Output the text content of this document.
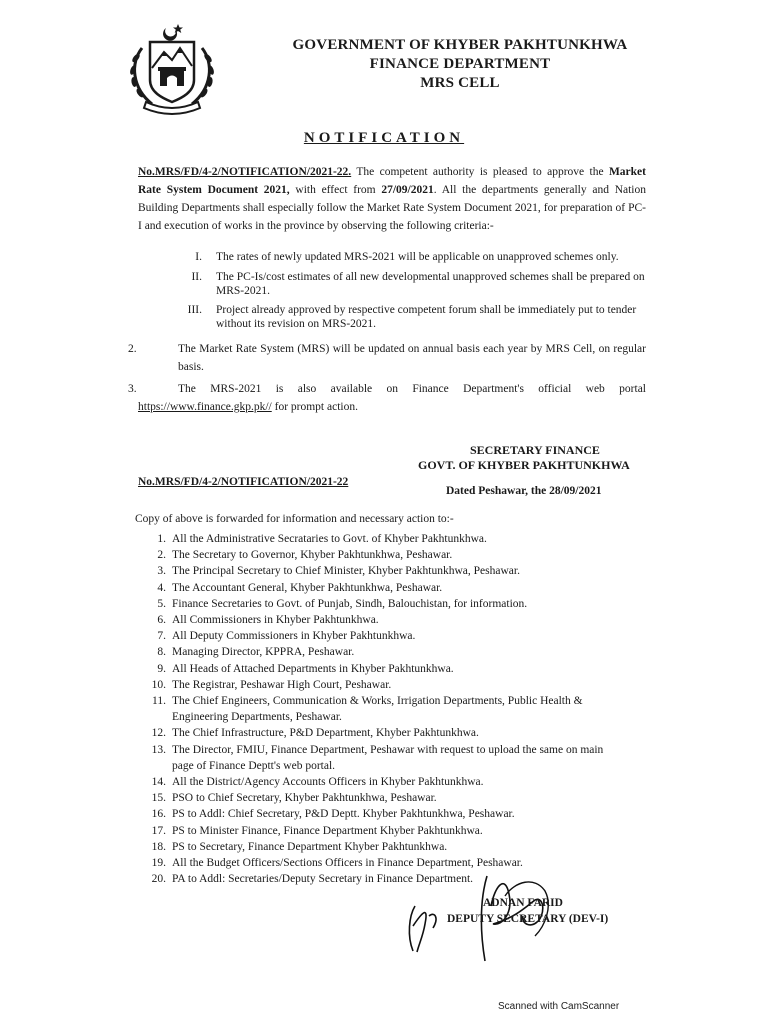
GOVERNMENT OF KHYBER PAKHTUNKHWA
FINANCE DEPARTMENT
MRS CELL
NOTIFICATION
No.MRS/FD/4-2/NOTIFICATION/2021-22. The competent authority is pleased to approve the Market Rate System Document 2021, with effect from 27/09/2021. All the departments generally and Nation Building Departments shall especially follow the Market Rate System Document 2021, for preparation of PC-I and execution of works in the province by observing the following criteria:-
I. The rates of newly updated MRS-2021 will be applicable on unapproved schemes only.
II. The PC-Is/cost estimates of all new developmental unapproved schemes shall be prepared on MRS-2021.
III. Project already approved by respective competent forum shall be immediately put to tender without its revision on MRS-2021.
2.	The Market Rate System (MRS) will be updated on annual basis each year by MRS Cell, on regular basis.
3.	The MRS-2021 is also available on Finance Department's official web portal
https://www.finance.gkp.pk// for prompt action.
SECRETARY FINANCE
GOVT. OF KHYBER PAKHTUNKHWA
No.MRS/FD/4-2/NOTIFICATION/2021-22
Dated Peshawar, the 28/09/2021
Copy of above is forwarded for information and necessary action to:-
1. All the Administrative Secrataries to Govt. of Khyber Pakhtunkhwa.
2. The Secretary to Governor, Khyber Pakhtunkhwa, Peshawar.
3. The Principal Secretary to Chief Minister, Khyber Pakhtunkhwa, Peshawar.
4. The Accountant General, Khyber Pakhtunkhwa, Peshawar.
5. Finance Secretaries to Govt. of Punjab, Sindh, Balouchistan, for information.
6. All Commissioners in Khyber Pakhtunkhwa.
7. All Deputy Commissioners in Khyber Pakhtunkhwa.
8. Managing Director, KPPRA, Peshawar.
9. All Heads of Attached Departments in Khyber Pakhtunkhwa.
10. The Registrar, Peshawar High Court, Peshawar.
11. The Chief Engineers, Communication & Works, Irrigation Departments, Public Health &
Engineering Departments, Peshawar.
12. The Chief Infrastructure, P&D Department, Khyber Pakhtunkhwa.
13. The Director, FMIU, Finance Department, Peshawar with request to upload the same on main
page of Finance Deptt's web portal.
14. All the District/Agency Accounts Officers in Khyber Pakhtunkhwa.
15. PSO to Chief Secretary, Khyber Pakhtunkhwa, Peshawar.
16. PS to Addl: Chief Secretary, P&D Deptt. Khyber Pakhtunkhwa, Peshawar.
17. PS to Minister Finance, Finance Department Khyber Pakhtunkhwa.
18. PS to Secretary, Finance Department Khyber Pakhtunkhwa.
19. All the Budget Officers/Sections Officers in Finance Department, Peshawar.
20. PA to Addl: Secretaries/Deputy Secretary in Finance Department.
ADNAN FARID
DEPUTY SECRETARY (DEV-I)
Scanned with CamScanner
